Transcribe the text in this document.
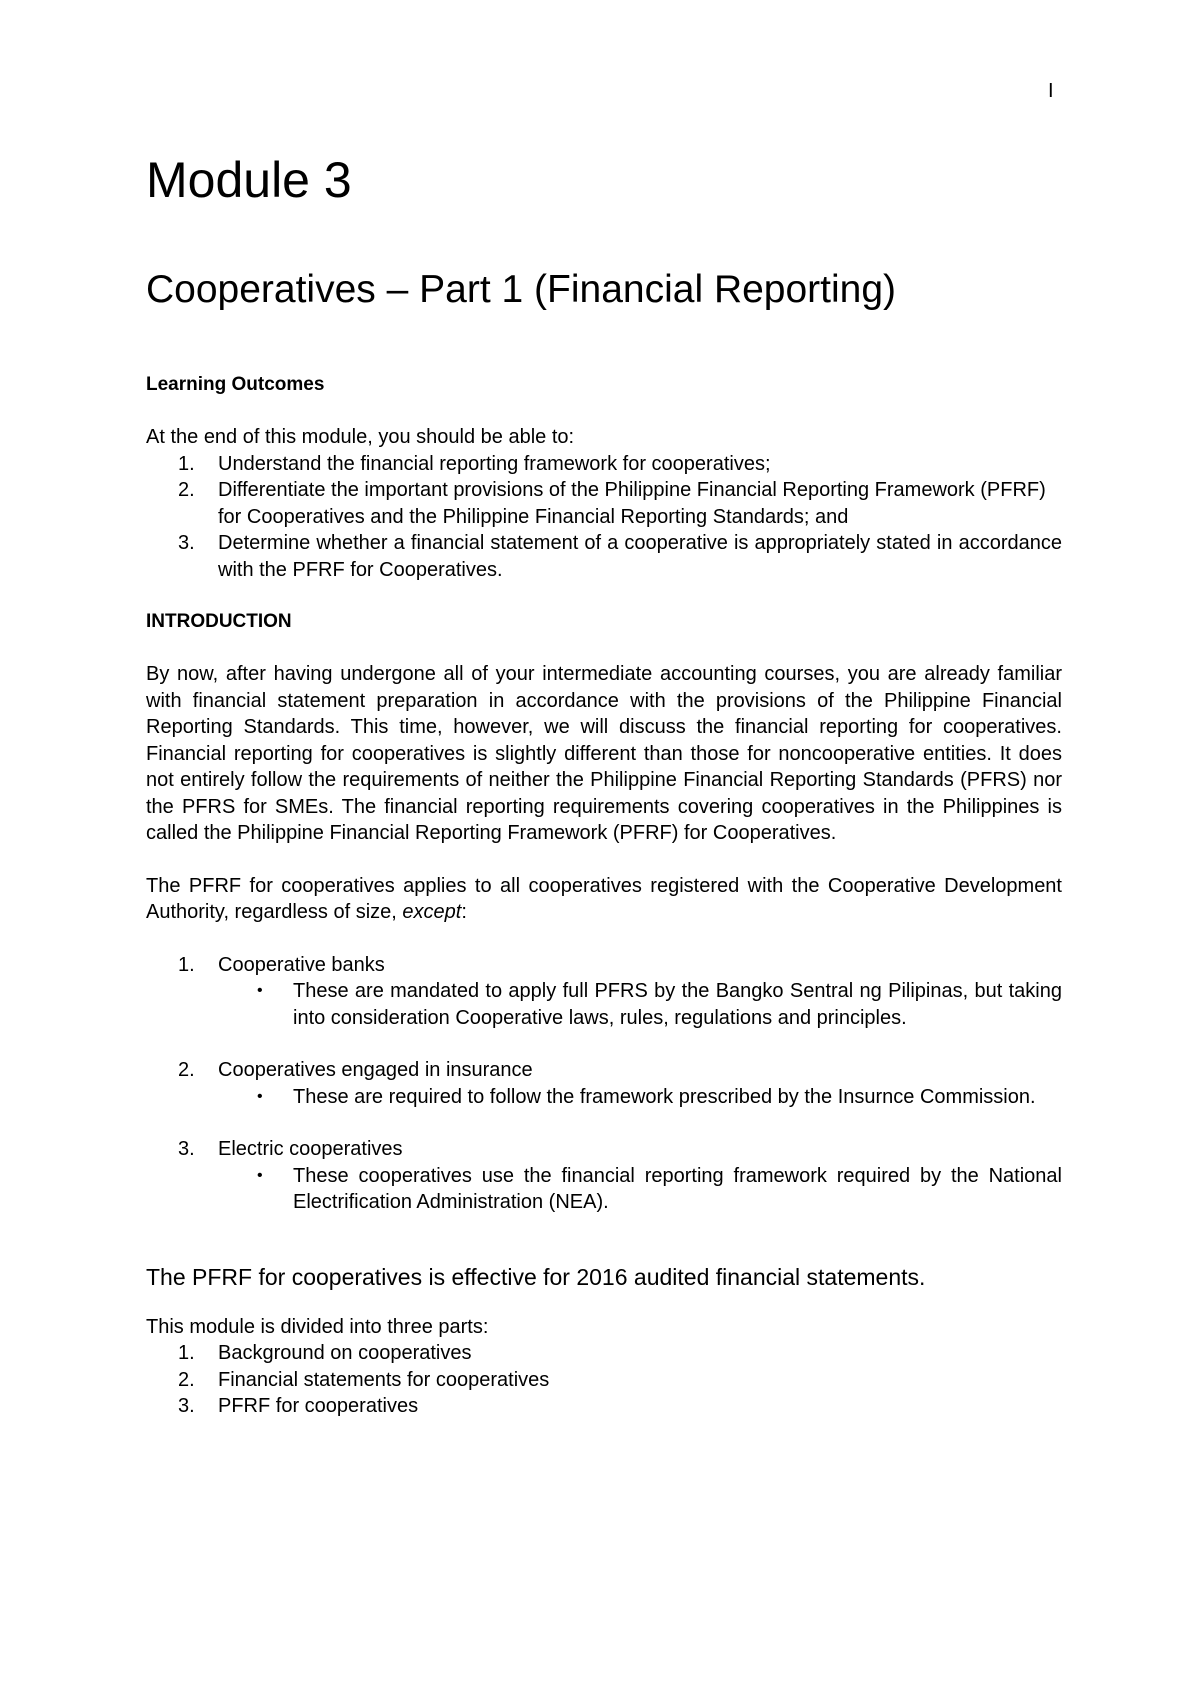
I
Module 3
Cooperatives – Part 1 (Financial Reporting)
Learning Outcomes

At the end of this module, you should be able to:

1. Understand the financial reporting framework for cooperatives;
2. Differentiate the important provisions of the Philippine Financial Reporting Framework (PFRF) for Cooperatives and the Philippine Financial Reporting Standards; and
3. Determine whether a financial statement of a cooperative is appropriately stated in accordance with the PFRF for Cooperatives.
INTRODUCTION

By now, after having undergone all of your intermediate accounting courses, you are already familiar with financial statement preparation in accordance with the provisions of the Philippine Financial Reporting Standards. This time, however, we will discuss the financial reporting for cooperatives. Financial reporting for cooperatives is slightly different than those for noncooperative entities. It does not entirely follow the requirements of neither the Philippine Financial Reporting Standards (PFRS) nor the PFRS for SMEs. The financial reporting requirements covering cooperatives in the Philippines is called the Philippine Financial Reporting Framework (PFRF) for Cooperatives.

The PFRF for cooperatives applies to all cooperatives registered with the Cooperative Development Authority, regardless of size, except:

1. Cooperative banks
• These are mandated to apply full PFRS by the Bangko Sentral ng Pilipinas, but taking into consideration Cooperative laws, rules, regulations and principles.
2. Cooperatives engaged in insurance
• These are required to follow the framework prescribed by the Insurnce Commission.
3. Electric cooperatives
• These cooperatives use the financial reporting framework required by the National Electrification Administration (NEA).
The PFRF for cooperatives is effective for 2016 audited financial statements.

This module is divided into three parts:

1. Background on cooperatives
2. Financial statements for cooperatives
3. PFRF for cooperatives
